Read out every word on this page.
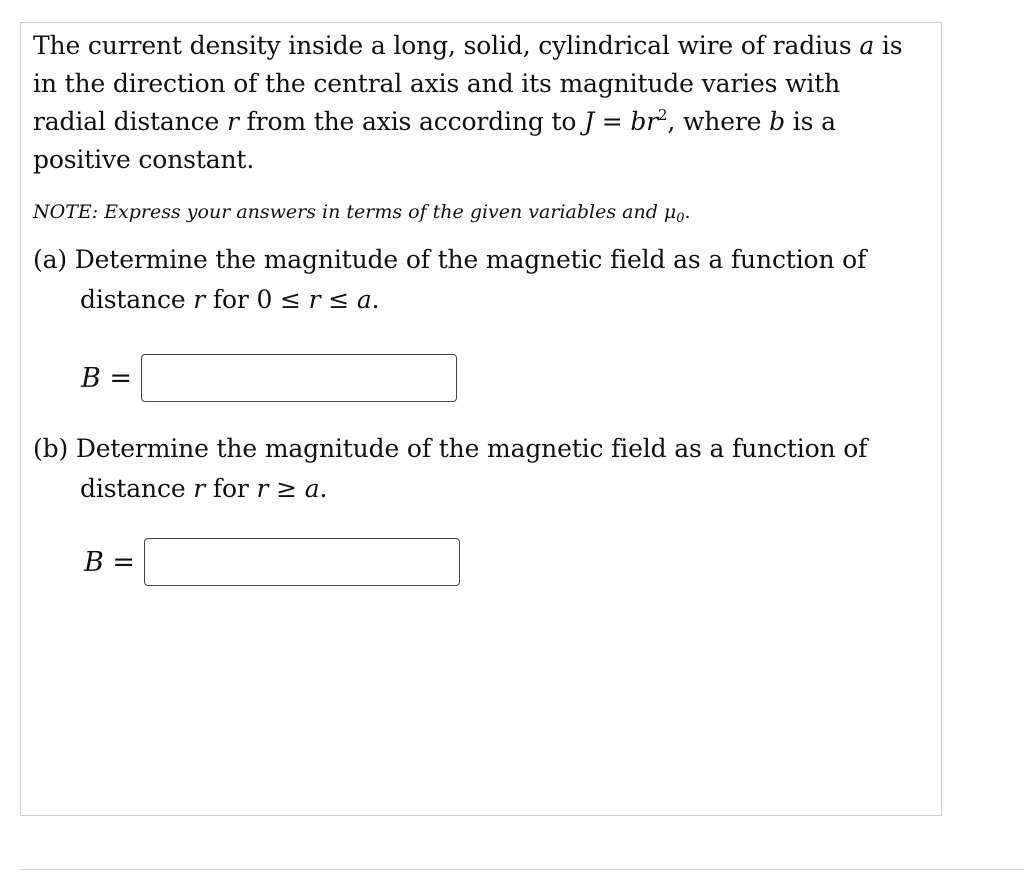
The current density inside a long, solid, cylindrical wire of radius a is
in the direction of the central axis and its magnitude varies with
radial distance r from the axis according to $J = br^2$, where b is a
positive constant.
NOTE: Express your answers in terms of the given variables and $\mu_0$.
(a) Determine the magnitude of the magnetic field as a function of
distance r for 0 ≤ r ≤ a.
B =
(b) Determine the magnitude of the magnetic field as a function of
distance r for r ≥ a.
B =
